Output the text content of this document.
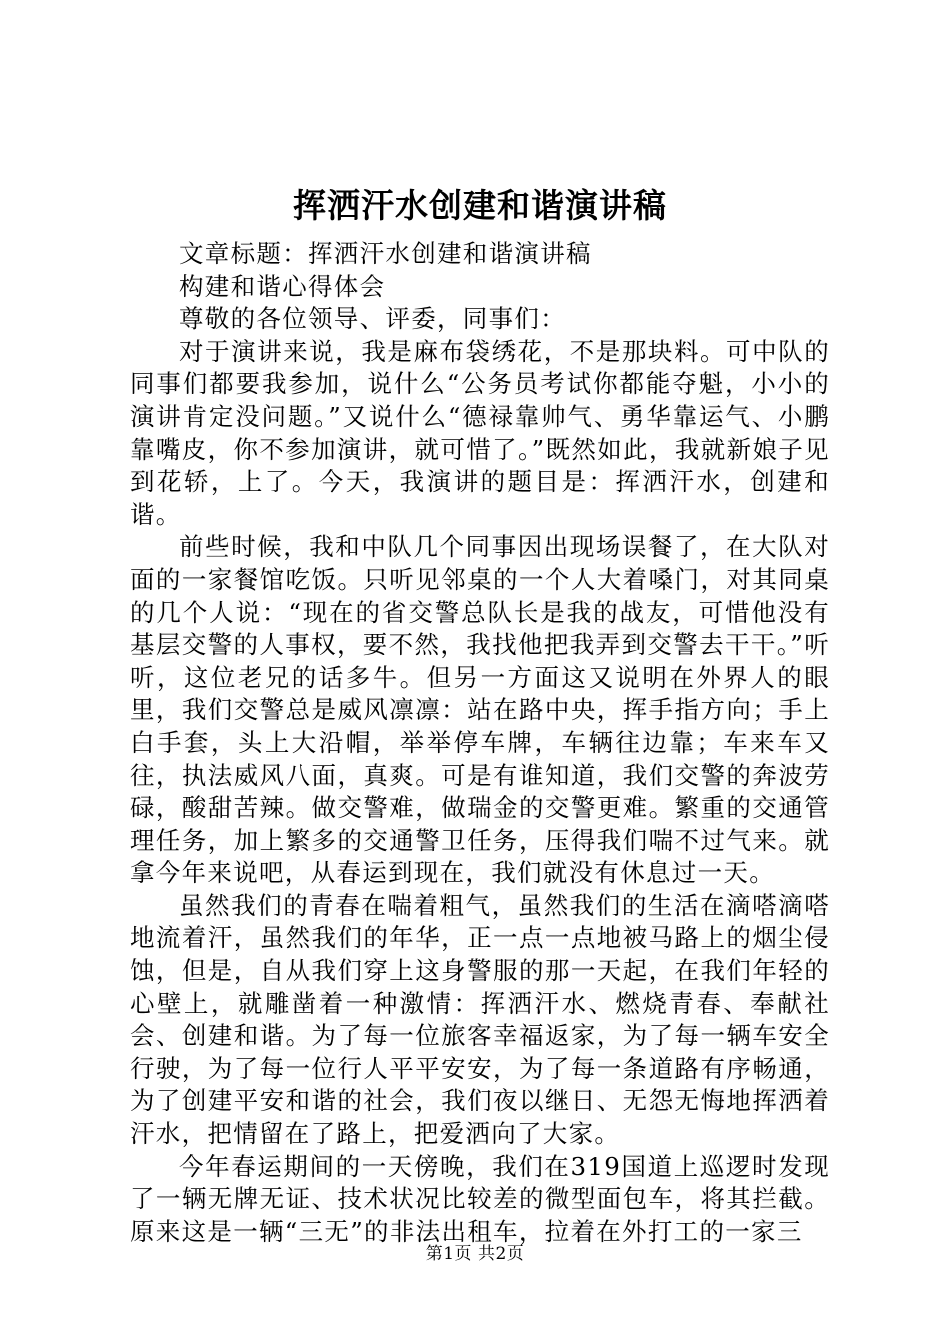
挥洒汗水创建和谐演讲稿

文章标题：挥洒汗水创建和谐演讲稿

构建和谐心得体会

尊敬的各位领导、评委，同事们：

对于演讲来说，我是麻布袋绣花，不是那块料。可中队的同事们都要我参加，说什么“公务员考试你都能夺魁，小小的演讲肯定没问题。”又说什么“德禄靠帅气、勇华靠运气、小鹏靠嘴皮，你不参加演讲，就可惜了。”既然如此，我就新娘子见到花轿，上了。今天，我演讲的题目是：挥洒汗水，创建和谐。

前些时候，我和中队几个同事因出现场误餐了，在大队对面的一家餐馆吃饭。只听见邻桌的一个人大着嗓门，对其同桌的几个人说：“现在的省交警总队长是我的战友，可惜他没有基层交警的人事权，要不然，我找他把我弄到交警去干干。”听听，这位老兄的话多牛。但另一方面这又说明在外界人的眼里，我们交警总是威风凛凛：站在路中央，挥手指方向；手上白手套，头上大沿帽，举举停车牌，车辆往边靠；车来车又往，执法威风八面，真爽。可是有谁知道，我们交警的奔波劳碌，酸甜苦辣。做交警难，做瑞金的交警更难。繁重的交通管理任务，加上繁多的交通警卫任务，压得我们喘不过气来。就拿今年来说吧，从春运到现在，我们就没有休息过一天。

虽然我们的青春在喘着粗气，虽然我们的生活在滴嗒滴嗒地流着汗，虽然我们的年华，正一点一点地被马路上的烟尘侵蚀，但是，自从我们穿上这身警服的那一天起，在我们年轻的心壁上，就雕凿着一种激情：挥洒汗水、燃烧青春、奉献社会、创建和谐。为了每一位旅客幸福返家，为了每一辆车安全行驶，为了每一位行人平平安安，为了每一条道路有序畅通，为了创建平安和谐的社会，我们夜以继日、无怨无悔地挥洒着汗水，把情留在了路上，把爱洒向了大家。

今年春运期间的一天傍晚，我们在319国道上巡逻时发现了一辆无牌无证、技术状况比较差的微型面包车，将其拦截。原来这是一辆“三无”的非法出租车，拉着在外打工的一家三

第1页 共2页
